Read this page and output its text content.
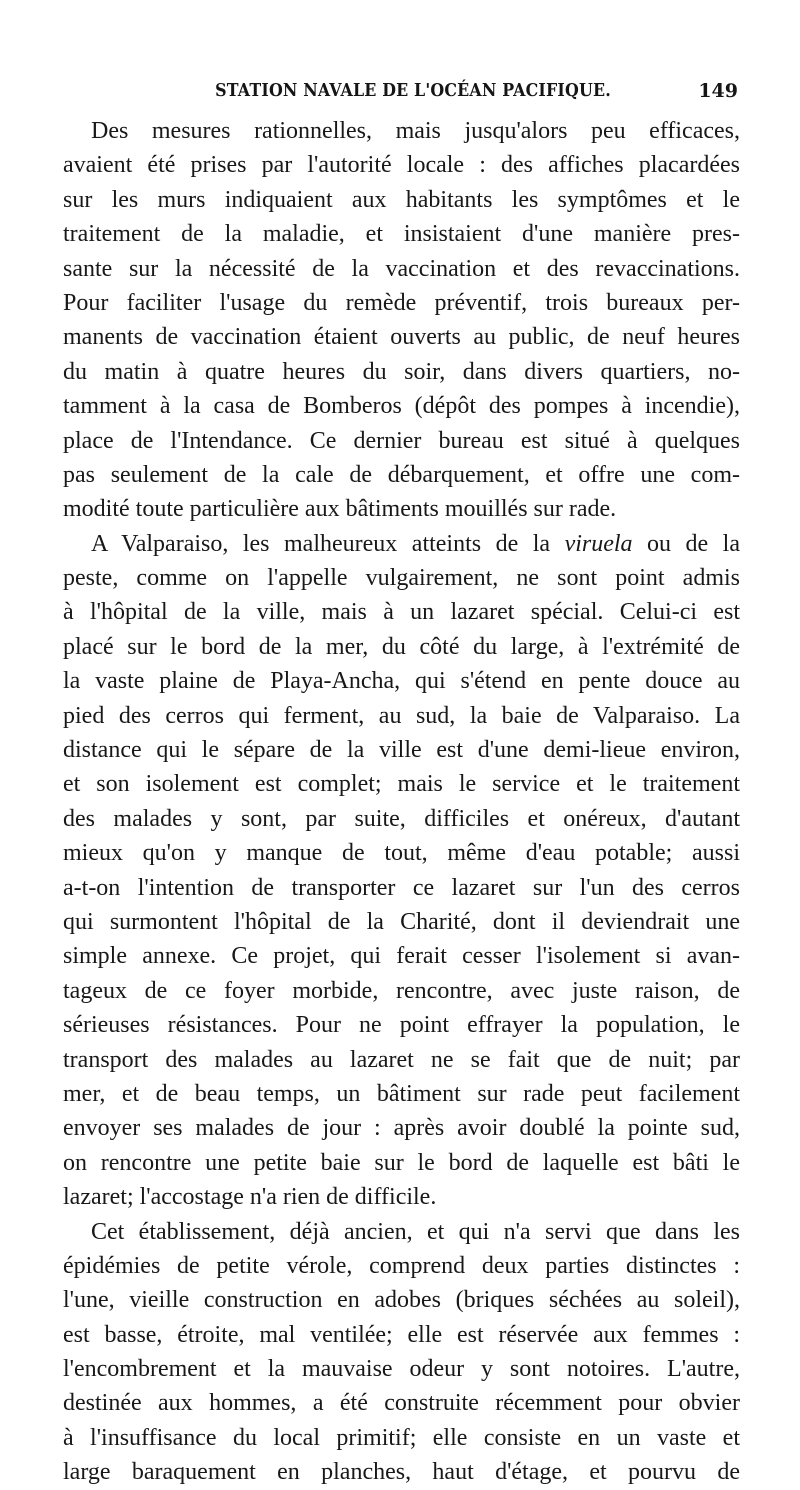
STATION NAVALE DE L'OCÉAN PACIFIQUE.	149
Des mesures rationnelles, mais jusqu'alors peu efficaces,
avaient été prises par l'autorité locale : des affiches placardées
sur les murs indiquaient aux habitants les symptômes et le
traitement de la maladie, et insistaient d'une manière pres-
sante sur la nécessité de la vaccination et des revaccinations.
Pour faciliter l'usage du remède préventif, trois bureaux per-
manents de vaccination étaient ouverts au public, de neuf heures
du matin à quatre heures du soir, dans divers quartiers, no-
tamment à la casa de Bomberos (dépôt des pompes à incendie),
place de l'Intendance. Ce dernier bureau est situé à quelques
pas seulement de la cale de débarquement, et offre une com-
modité toute particulière aux bâtiments mouillés sur rade.
A Valparaiso, les malheureux atteints de la viruela ou de la
peste, comme on l'appelle vulgairement, ne sont point admis
à l'hôpital de la ville, mais à un lazaret spécial. Celui-ci est
placé sur le bord de la mer, du côté du large, à l'extrémité de
la vaste plaine de Playa-Ancha, qui s'étend en pente douce au
pied des cerros qui ferment, au sud, la baie de Valparaiso. La
distance qui le sépare de la ville est d'une demi-lieue environ,
et son isolement est complet; mais le service et le traitement
des malades y sont, par suite, difficiles et onéreux, d'autant
mieux qu'on y manque de tout, même d'eau potable; aussi
a-t-on l'intention de transporter ce lazaret sur l'un des cerros
qui surmontent l'hôpital de la Charité, dont il deviendrait une
simple annexe. Ce projet, qui ferait cesser l'isolement si avan-
tageux de ce foyer morbide, rencontre, avec juste raison, de
sérieuses résistances. Pour ne point effrayer la population, le
transport des malades au lazaret ne se fait que de nuit; par
mer, et de beau temps, un bâtiment sur rade peut facilement
envoyer ses malades de jour : après avoir doublé la pointe sud,
on rencontre une petite baie sur le bord de laquelle est bâti le
lazaret; l'accostage n'a rien de difficile.
Cet établissement, déjà ancien, et qui n'a servi que dans les
épidémies de petite vérole, comprend deux parties distinctes :
l'une, vieille construction en adobes (briques séchées au soleil),
est basse, étroite, mal ventilée; elle est réservée aux femmes :
l'encombrement et la mauvaise odeur y sont notoires. L'autre,
destinée aux hommes, a été construite récemment pour obvier
à l'insuffisance du local primitif; elle consiste en un vaste et
large baraquement en planches, haut d'étage, et pourvu de
